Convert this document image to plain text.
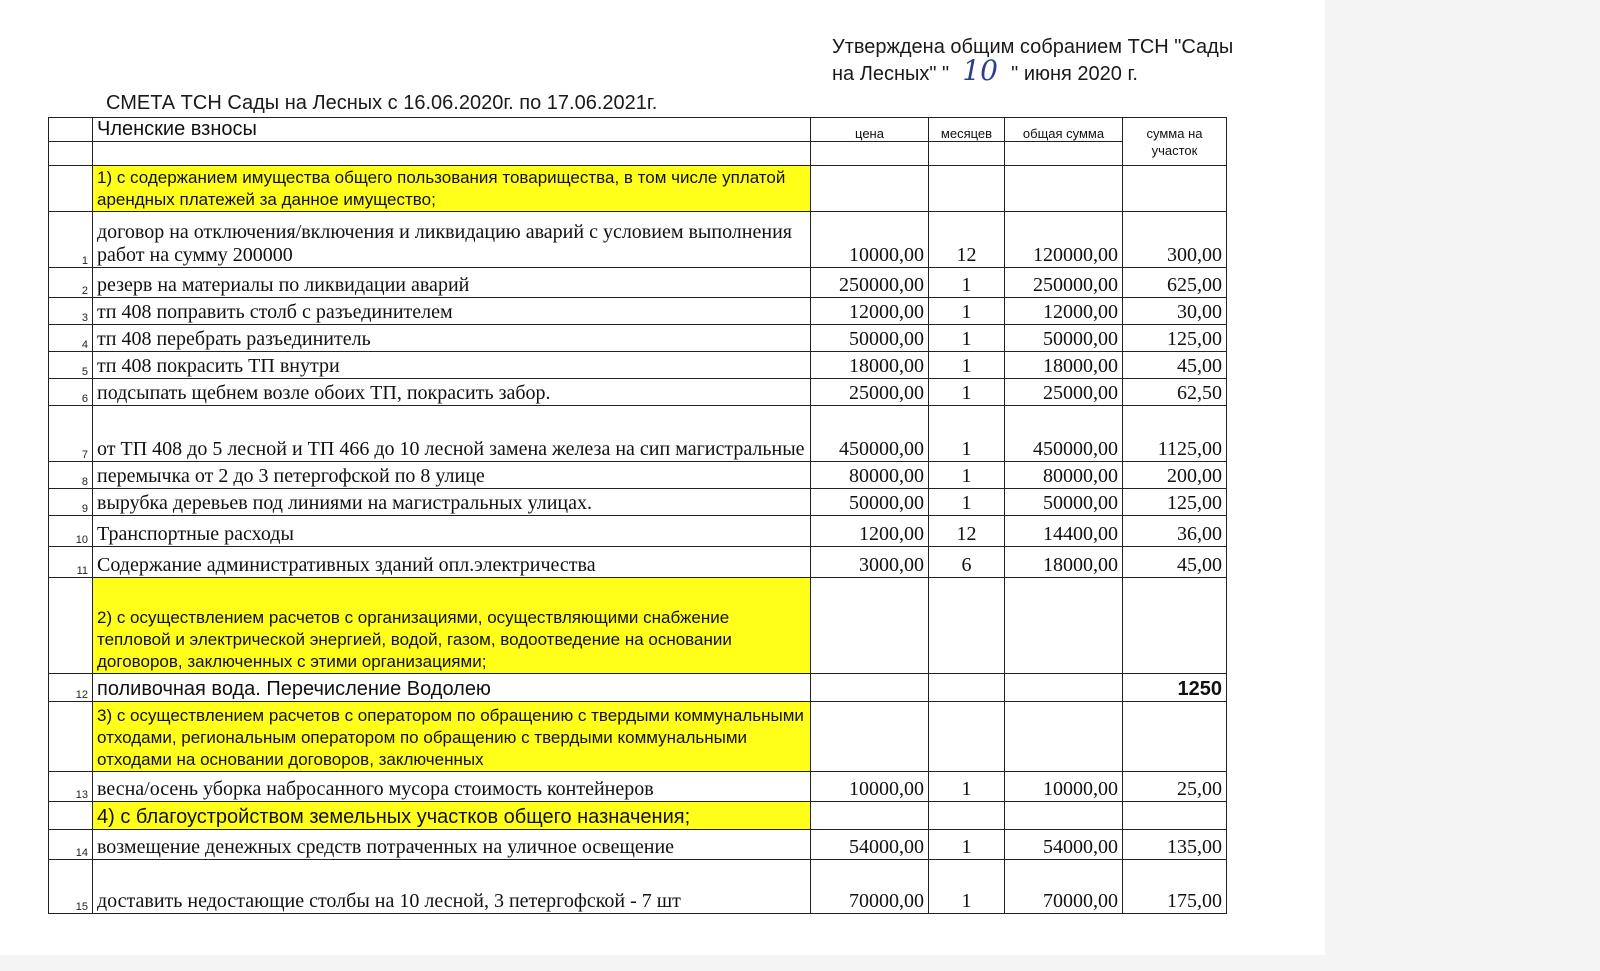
Утверждена общим собранием ТСН "Сады
на Лесных" " 10 " июня 2020 г.
СМЕТА ТСН Сады на Лесных с 16.06.2020г. по 17.06.2021г.
	Членские взносы	цена	месяцев	общая сумма	сумма на участок

	1) с содержанием имущества общего пользования товарищества, в том числе уплатой арендных платежей за данное имущество;				
1	договор на отключения/включения и ликвидацию аварий с условием выполнения работ на сумму 200000	10000,00	12	120000,00	300,00
2	резерв на материалы по ликвидации аварий	250000,00	1	250000,00	625,00
3	тп 408 поправить столб с разъединителем	12000,00	1	12000,00	30,00
4	тп 408 перебрать разъединитель	50000,00	1	50000,00	125,00
5	тп 408 покрасить ТП внутри	18000,00	1	18000,00	45,00
6	подсыпать щебнем возле обоих ТП, покрасить забор.	25000,00	1	25000,00	62,50
7	от ТП 408 до 5 лесной и ТП 466 до 10 лесной замена железа на сип магистральные	450000,00	1	450000,00	1125,00
8	перемычка от 2 до 3 петергофской по 8 улице	80000,00	1	80000,00	200,00
9	вырубка деревьев под линиями на магистральных улицах.	50000,00	1	50000,00	125,00
10	Транспортные расходы	1200,00	12	14400,00	36,00
11	Содержание административных зданий опл.электричества	3000,00	6	18000,00	45,00
	2) с осуществлением расчетов с организациями, осуществляющими снабжение тепловой и электрической энергией, водой, газом, водоотведение на основании договоров, заключенных с этими организациями;				
12	поливочная вода. Перечисление Водолею				1250
	3) с осуществлением расчетов с оператором по обращению с твердыми коммунальными отходами, региональным оператором по обращению с твердыми коммунальными отходами на основании договоров, заключенных				
13	весна/осень уборка набросанного мусора стоимость контейнеров	10000,00	1	10000,00	25,00
	4) с благоустройством земельных участков общего назначения;				
14	возмещение денежных средств потраченных на уличное освещение	54000,00	1	54000,00	135,00
15	доставить недостающие столбы на 10 лесной, 3 петергофской - 7 шт	70000,00	1	70000,00	175,00
